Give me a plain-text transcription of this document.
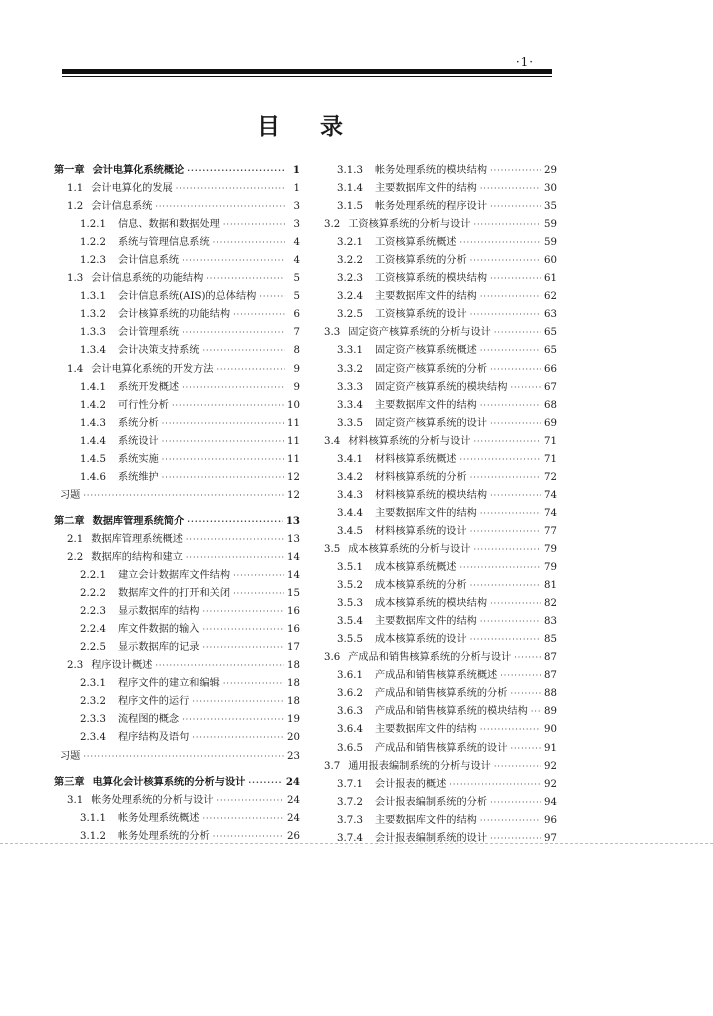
·1·
目录
第一章 会计电算化系统概论 ·····	1
1.1 会计电算化的发展 ·····	1
1.2 会计信息系统 ·····	3
1.2.1	信息、数据和数据处理 ·····	3
1.2.2	系统与管理信息系统 ·····	4
1.2.3	会计信息系统 ·····	4
1.3 会计信息系统的功能结构 ·····	5
1.3.1	会计信息系统(AIS)的总体结构 ·····	5
1.3.2	会计核算系统的功能结构 ·····	6
1.3.3	会计管理系统 ·····	7
1.3.4	会计决策支持系统 ·····	8
1.4 会计电算化系统的开发方法 ·····	9
1.4.1	系统开发概述 ·····	9
1.4.2	可行性分析 ·····	10
1.4.3	系统分析 ·····	11
1.4.4	系统设计 ·····	11
1.4.5	系统实施 ·····	11
1.4.6	系统维护 ·····	12
习题 ·····	12
第二章 数据库管理系统简介 ·····	13
2.1 数据库管理系统概述 ·····	13
2.2 数据库的结构和建立 ·····	14
2.2.1	建立会计数据库文件结构 ·····	14
2.2.2	数据库文件的打开和关闭 ·····	15
2.2.3	显示数据库的结构 ·····	16
2.2.4	库文件数据的输入 ·····	16
2.2.5	显示数据库的记录 ·····	17
2.3 程序设计概述 ·····	18
2.3.1	程序文件的建立和编辑 ·····	18
2.3.2	程序文件的运行 ·····	18
2.3.3	流程图的概念 ·····	19
2.3.4	程序结构及语句 ·····	20
习题 ·····	23
第三章 电算化会计核算系统的分析与设计 ·····	24
3.1 帐务处理系统的分析与设计 ·····	24
3.1.1	帐务处理系统概述 ·····	24
3.1.2	帐务处理系统的分析 ·····	26
3.1.3	帐务处理系统的模块结构 ·····	29
3.1.4	主要数据库文件的结构 ·····	30
3.1.5	帐务处理系统的程序设计 ·····	35
3.2 工资核算系统的分析与设计 ·····	59
3.2.1	工资核算系统概述 ·····	59
3.2.2	工资核算系统的分析 ·····	60
3.2.3	工资核算系统的模块结构 ·····	61
3.2.4	主要数据库文件的结构 ·····	62
3.2.5	工资核算系统的设计 ·····	63
3.3 固定资产核算系统的分析与设计 ·····	65
3.3.1	固定资产核算系统概述 ·····	65
3.3.2	固定资产核算系统的分析 ·····	66
3.3.3	固定资产核算系统的模块结构 ·····	67
3.3.4	主要数据库文件的结构 ·····	68
3.3.5	固定资产核算系统的设计 ·····	69
3.4 材料核算系统的分析与设计 ·····	71
3.4.1	材料核算系统概述 ·····	71
3.4.2	材料核算系统的分析 ·····	72
3.4.3	材料核算系统的模块结构 ·····	74
3.4.4	主要数据库文件的结构 ·····	74
3.4.5	材料核算系统的设计 ·····	77
3.5 成本核算系统的分析与设计 ·····	79
3.5.1	成本核算系统概述 ·····	79
3.5.2	成本核算系统的分析 ·····	81
3.5.3	成本核算系统的模块结构 ·····	82
3.5.4	主要数据库文件的结构 ·····	83
3.5.5	成本核算系统的设计 ·····	85
3.6 产成品和销售核算系统的分析与设计 ·····	87
3.6.1	产成品和销售核算系统概述 ·····	87
3.6.2	产成品和销售核算系统的分析 ·····	88
3.6.3	产成品和销售核算系统的模块结构 ····· 89
3.6.4	主要数据库文件的结构 ·····	90
3.6.5	产成品和销售核算系统的设计 ·····	91
3.7 通用报表编制系统的分析与设计 ·····	92
3.7.1	会计报表的概述 ·····	92
3.7.2	会计报表编制系统的分析 ·····	94
3.7.3	主要数据库文件的结构 ·····	96
3.7.4	会计报表编制系统的设计 ·····	97
